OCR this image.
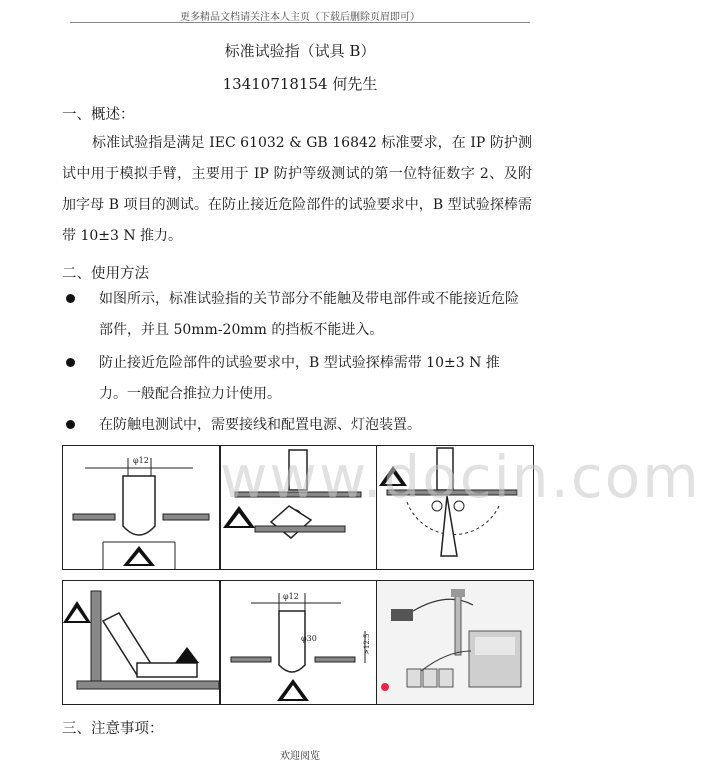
更多精品文档请关注本人主页（下载后删除页眉即可）
标准试验指（试具 B）
13410718154 何先生
一、概述：
标准试验指是满足 IEC 61032 & GB 16842 标准要求，在 IP 防护测试中用于模拟手臂，主要用于 IP 防护等级测试的第一位特征数字 2、及附加字母 B 项目的测试。在防止接近危险部件的试验要求中，B 型试验探棒需带 10±3 N 推力。
二、使用方法
如图所示，标准试验指的关节部分不能触及带电部件或不能接近危险部件，并且 50mm-20mm 的挡板不能进入。
防止接近危险部件的试验要求中，B 型试验探棒需带 10±3 N 推力。一般配合推拉力计使用。
在防触电测试中，需要接线和配置电源、灯泡装置。
φ12
φ12
φ30	>12.5
www.docin.com
三、注意事项：
欢迎阅览
